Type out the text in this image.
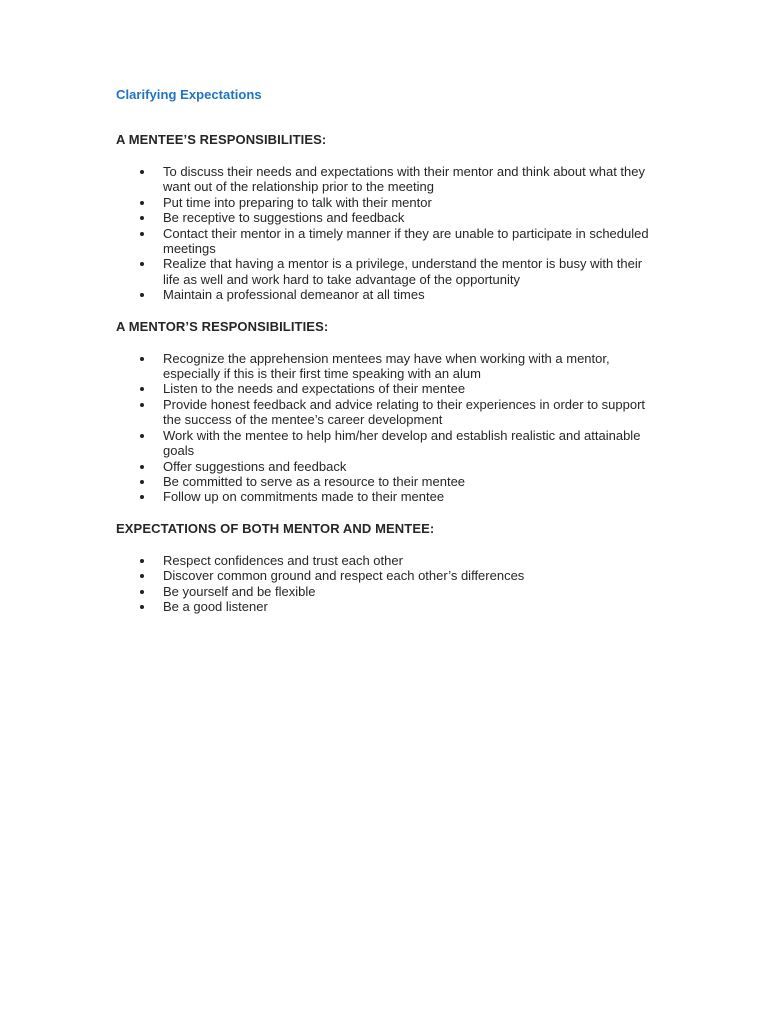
Clarifying Expectations
A MENTEE’S RESPONSIBILITIES:
To discuss their needs and expectations with their mentor and think about what they want out of the relationship prior to the meeting
Put time into preparing to talk with their mentor
Be receptive to suggestions and feedback
Contact their mentor in a timely manner if they are unable to participate in scheduled meetings
Realize that having a mentor is a privilege, understand the mentor is busy with their life as well and work hard to take advantage of the opportunity
Maintain a professional demeanor at all times
A MENTOR’S RESPONSIBILITIES:
Recognize the apprehension mentees may have when working with a mentor, especially if this is their first time speaking with an alum
Listen to the needs and expectations of their mentee
Provide honest feedback and advice relating to their experiences in order to support the success of the mentee’s career development
Work with the mentee to help him/her develop and establish realistic and attainable goals
Offer suggestions and feedback
Be committed to serve as a resource to their mentee
Follow up on commitments made to their mentee
EXPECTATIONS OF BOTH MENTOR AND MENTEE:
Respect confidences and trust each other
Discover common ground and respect each other’s differences
Be yourself and be flexible
Be a good listener
